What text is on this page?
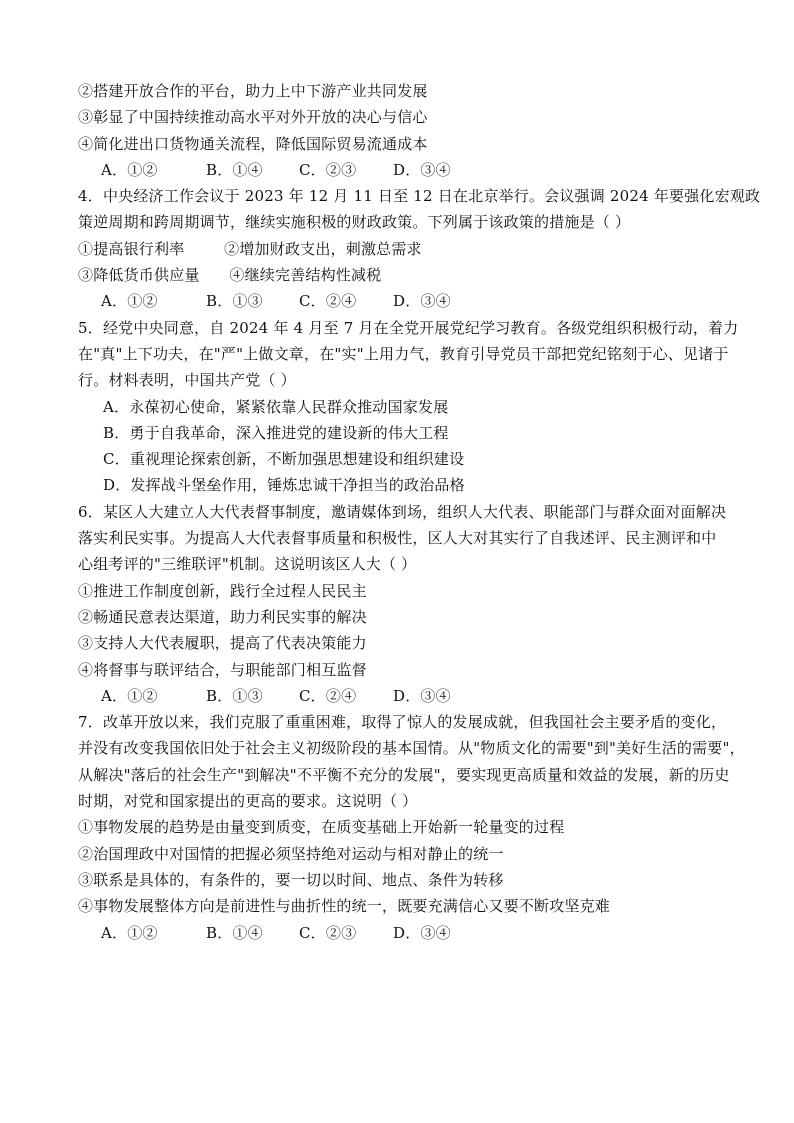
②搭建开放合作的平台，助力上中下游产业共同发展
③彰显了中国持续推动高水平对外开放的决心与信心
④简化进出口货物通关流程，降低国际贸易流通成本
A．①②	B．①④ C．②③ D．③④
4．中央经济工作会议于 2023 年 12 月 11 日至 12 日在北京举行。会议强调 2024 年要强化宏观政
策逆周期和跨周期调节，继续实施积极的财政政策。下列属于该政策的措施是（ ）
①提高银行利率        ②增加财政支出，刺激总需求
③降低货币供应量      ④继续完善结构性减税
A．①②	B．①③ C．②④ D．③④
5．经党中央同意，自 2024 年 4 月至 7 月在全党开展党纪学习教育。各级党组织积极行动，着力
在"真"上下功夫，在"严"上做文章，在"实"上用力气，教育引导党员干部把党纪铭刻于心、见诸于
行。材料表明，中国共产党（ ）
A．永葆初心使命，紧紧依靠人民群众推动国家发展
B．勇于自我革命，深入推进党的建设新的伟大工程
C．重视理论探索创新，不断加强思想建设和组织建设
D．发挥战斗堡垒作用，锤炼忠诚干净担当的政治品格
6．某区人大建立人大代表督事制度，邀请媒体到场，组织人大代表、职能部门与群众面对面解决
落实利民实事。为提高人大代表督事质量和积极性，区人大对其实行了自我述评、民主测评和中
心组考评的"三维联评"机制。这说明该区人大（ ）
①推进工作制度创新，践行全过程人民民主
②畅通民意表达渠道，助力利民实事的解决
③支持人大代表履职，提高了代表决策能力
④将督事与联评结合，与职能部门相互监督
A．①②	B．①③ C．②④ D．③④
7．改革开放以来，我们克服了重重困难，取得了惊人的发展成就，但我国社会主要矛盾的变化，
并没有改变我国依旧处于社会主义初级阶段的基本国情。从"物质文化的需要"到"美好生活的需要"，
从解决"落后的社会生产"到解决"不平衡不充分的发展"，要实现更高质量和效益的发展，新的历史
时期，对党和国家提出的更高的要求。这说明（ ）
①事物发展的趋势是由量变到质变，在质变基础上开始新一轮量变的过程
②治国理政中对国情的把握必须坚持绝对运动与相对静止的统一
③联系是具体的，有条件的，要一切以时间、地点、条件为转移
④事物发展整体方向是前进性与曲折性的统一，既要充满信心又要不断攻坚克难
A．①②	B．①④ C．②③ D．③④
